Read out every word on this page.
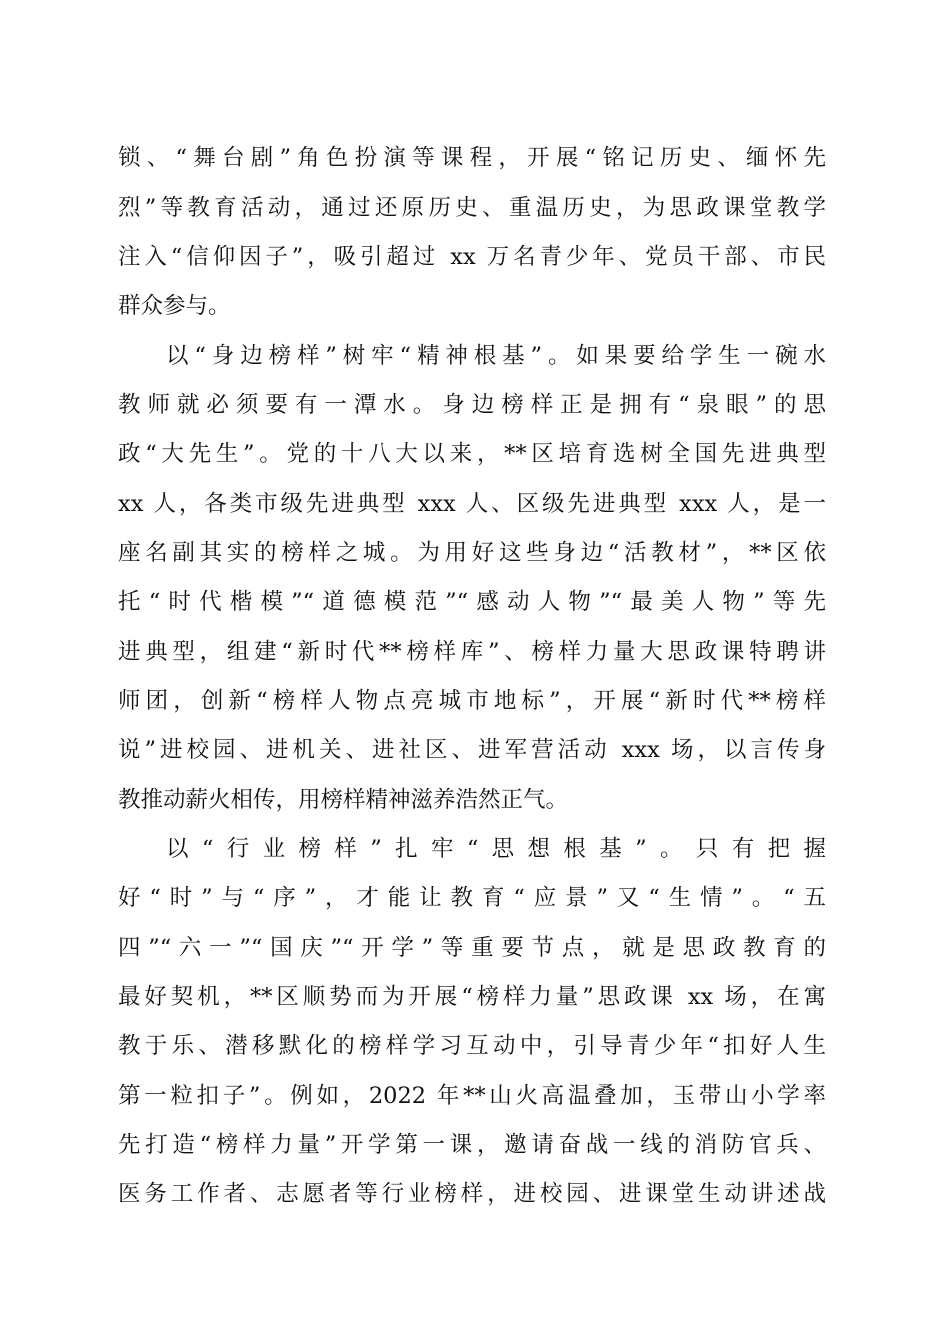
锁、“舞台剧”角色扮演等课程，开展“铭记历史、缅怀先
烈”等教育活动，通过还原历史、重温历史，为思政课堂教学
注入“信仰因子”，吸引超过 xx 万名青少年、党员干部、市民
群众参与。
以“身边榜样”树牢“精神根基”。如果要给学生一碗水
教师就必须要有一潭水。身边榜样正是拥有“泉眼”的思
政“大先生”。党的十八大以来，**区培育选树全国先进典型
xx 人，各类市级先进典型 xxx 人、区级先进典型 xxx 人，是一
座名副其实的榜样之城。为用好这些身边“活教材”，**区依
托“时代楷模”“道德模范”“感动人物”“最美人物”等先
进典型，组建“新时代**榜样库”、榜样力量大思政课特聘讲
师团，创新“榜样人物点亮城市地标”，开展“新时代**榜样
说”进校园、进机关、进社区、进军营活动 xxx 场，以言传身
教推动薪火相传，用榜样精神滋养浩然正气。
以“行业榜样”扎牢“思想根基”。只有把握
好“时”与“序”，才能让教育“应景”又“生情”。“五
四”“六一”“国庆”“开学”等重要节点，就是思政教育的
最好契机，**区顺势而为开展“榜样力量”思政课 xx 场，在寓
教于乐、潜移默化的榜样学习互动中，引导青少年“扣好人生
第一粒扣子”。例如，2022 年**山火高温叠加，玉带山小学率
先打造“榜样力量”开学第一课，邀请奋战一线的消防官兵、
医务工作者、志愿者等行业榜样，进校园、进课堂生动讲述战
